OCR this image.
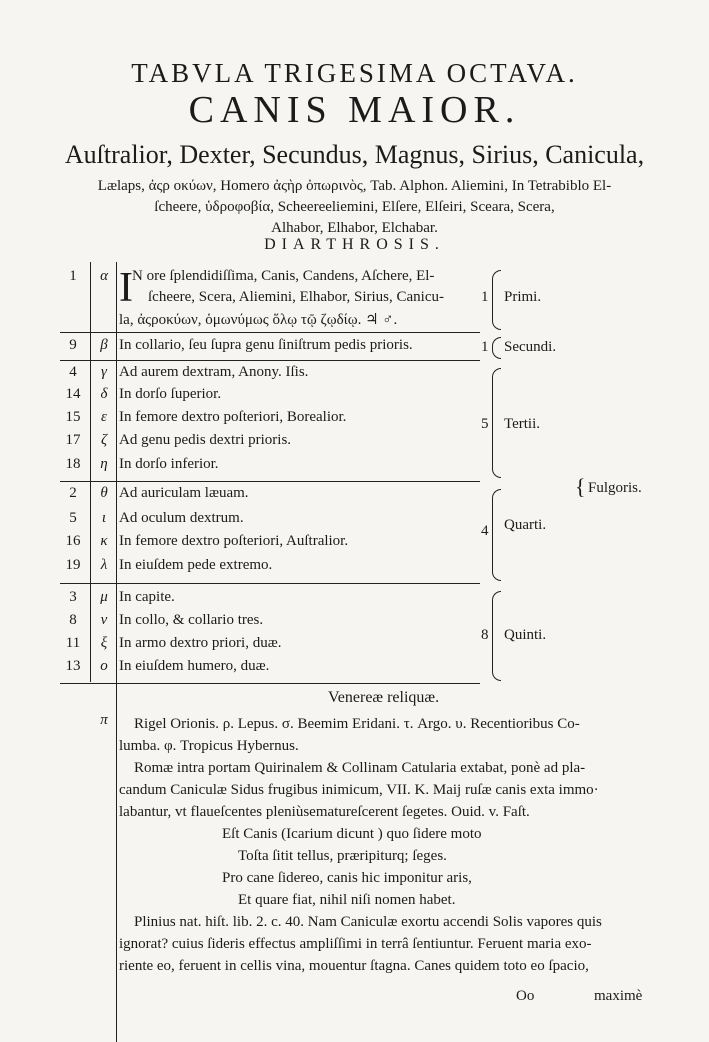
TABVLA TRIGESIMA OCTAVA.
CANIS MAIOR.
Auſtralior, Dexter, Secundus, Magnus, Sirius, Canicula,
Lælaps, ἀςρ οκύων, Homero ἀςὴρ ὀπωρινὸς, Tab. Alphon. Aliemini, In Tetrabiblo El-
ſcheere, ὑδροφοβία, Scheereeliemini, Elſere, Elſeiri, Sceara, Scera,
Alhabor, Elhabor, Elchabar.
DIARTHROSIS.
1	α I N ore ſplendidiſſima, Canis, Candens, Aſchere, El-
ſcheere, Scera, Aliemini, Elhabor, Sirius, Canicu-
la, ἀςροκύων, ὁμωνύμως ὅλῳ τῷ ζῳδίῳ. ♃ ♂.
9	β In collario, ſeu ſupra genu ſiniſtrum pedis prioris.
4	γ Ad aurem dextram, Anony. Iſis.
14	δ In dorſo ſuperior.
15	ε In femore dextro poſteriori, Borealior.
17	ζ Ad genu pedis dextri prioris.
18	η In dorſo inferior.
2	θ Ad auriculam læuam.
5	ι Ad oculum dextrum.
16	κ In femore dextro poſteriori, Auſtralior.
19	λ In eiuſdem pede extremo.
3	μ In capite.
8	ν In collo, & collario tres.
11	ξ In armo dextro priori, duæ.
13	ο In eiuſdem humero, duæ.
1 Primi.
1 Secundi.
5 Tertii.
4 Quarti.
8 Quinti.
{ Fulgoris.
Venereæ reliquæ.
π	Rigel Orionis. ρ. Lepus. σ. Beemim Eridani. τ. Argo. υ. Recentioribus Co-
lumba. φ. Tropicus Hybernus.
Romæ intra portam Quirinalem & Collinam Catularia extabat, ponè ad pla-
candum Caniculæ Sidus frugibus inimicum, VII. K. Maij ruſæ canis exta immo·
labantur, vt flaueſcentes pleniùsematureſcerent ſegetes. Ouid. v. Faſt.
Eſt Canis (Icarium dicunt ) quo ſidere moto
Toſta ſitit tellus, præripiturq; ſeges.
Pro cane ſidereo, canis hic imponitur aris,
Et quare fiat, nihil niſi nomen habet.
Plinius nat. hiſt. lib. 2. c. 40. Nam Caniculæ exortu accendi Solis vapores quis
ignorat? cuius ſideris effectus ampliſſimi in terrâ ſentiuntur. Feruent maria exo-
riente eo, feruent in cellis vina, mouentur ſtagna. Canes quidem toto eo ſpacio,
Oo	maximè
